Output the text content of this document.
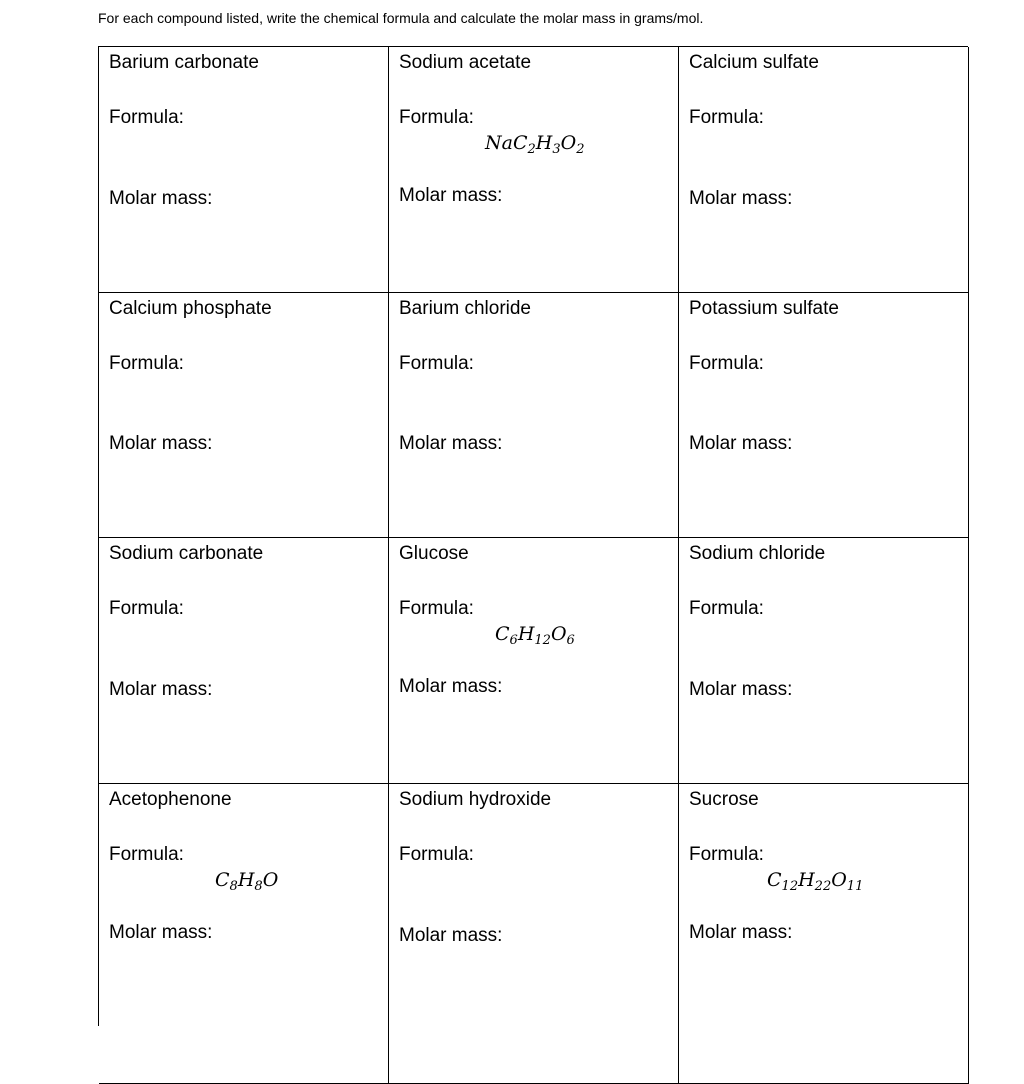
For each compound listed, write the chemical formula and calculate the molar mass in grams/mol.
Barium carbonate
Formula:
Molar mass:
Sodium acetate
Formula:
$NaC_2H_3O_2$
Molar mass:
Calcium sulfate
Formula:
Molar mass:
Calcium phosphate
Formula:
Molar mass:
Barium chloride
Formula:
Molar mass:
Potassium sulfate
Formula:
Molar mass:
Sodium carbonate
Formula:
Molar mass:
Glucose
Formula:
$C_6H_{12}O_6$
Molar mass:
Sodium chloride
Formula:
Molar mass:
Acetophenone
Formula:
$C_8H_8O$
Molar mass:
Sodium hydroxide
Formula:
Molar mass:
Sucrose
Formula:
$C_{12}H_{22}O_{11}$
Molar mass:
